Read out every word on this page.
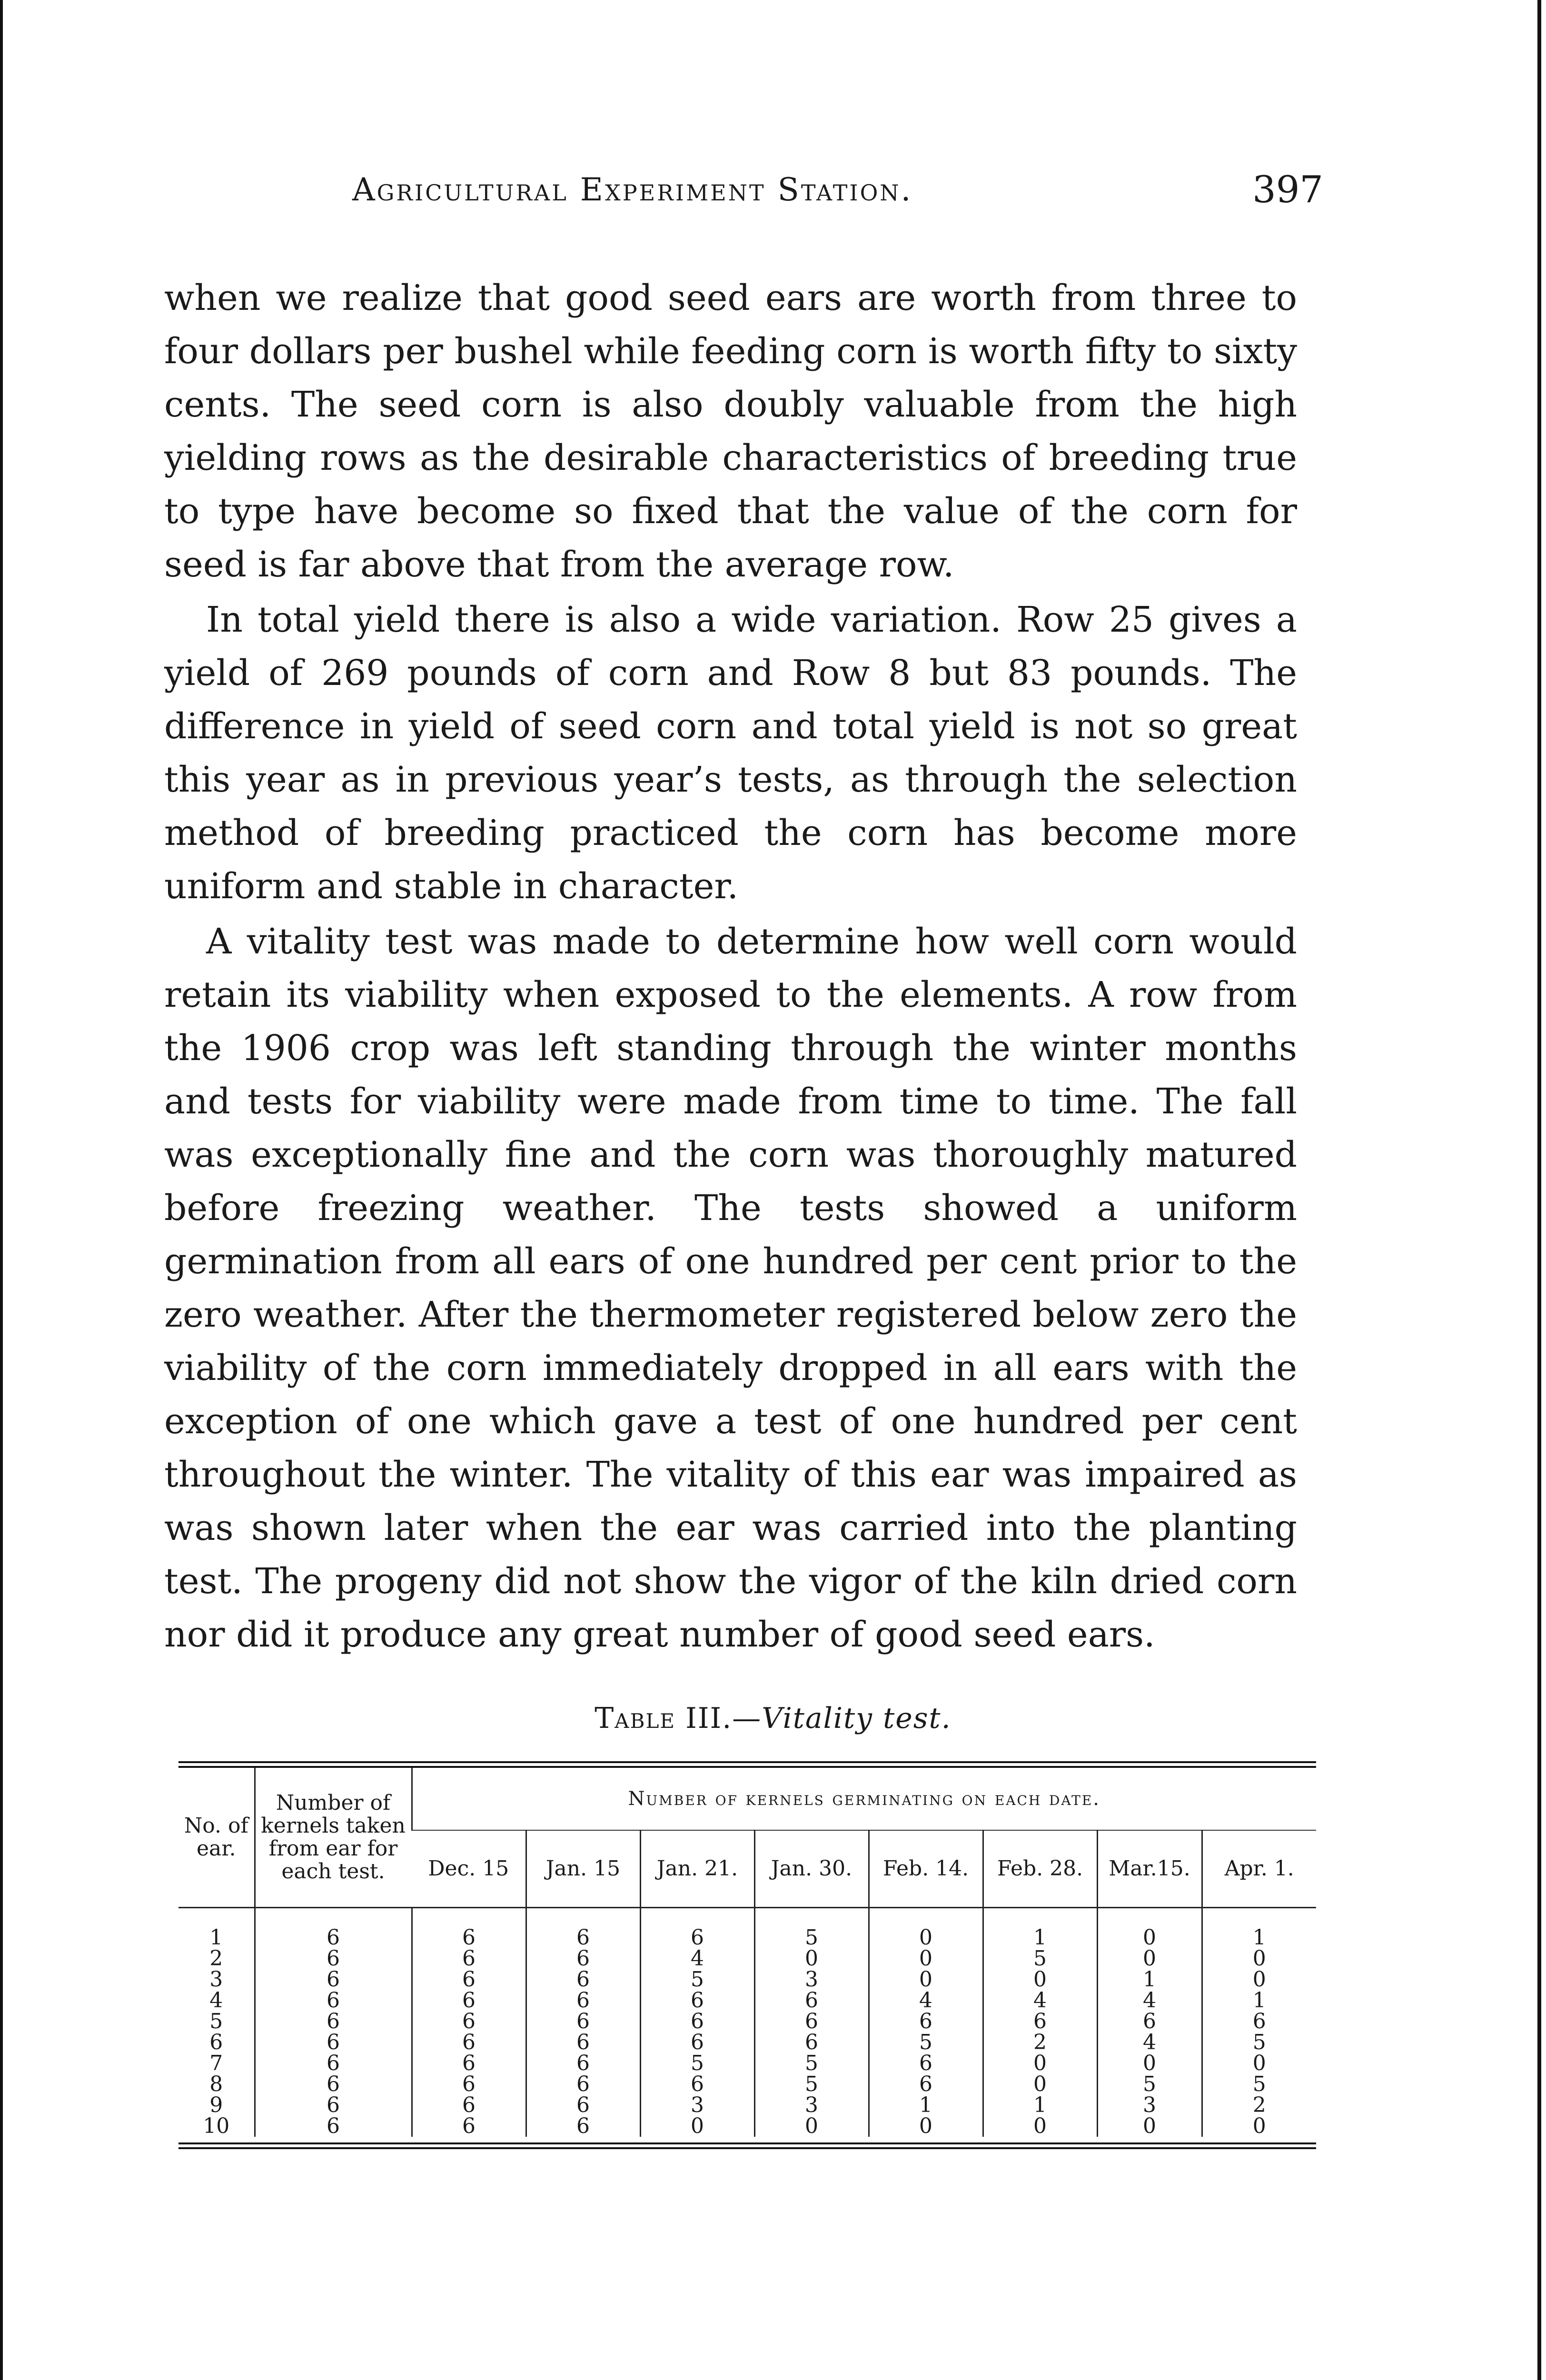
Agricultural Experiment Station.	397

when we realize that good seed ears are worth from three to four dollars per bushel while feeding corn is worth fifty to sixty cents. The seed corn is also doubly valuable from the high yielding rows as the desirable characteristics of breeding true to type have become so fixed that the value of the corn for seed is far above that from the average row.

In total yield there is also a wide variation. Row 25 gives a yield of 269 pounds of corn and Row 8 but 83 pounds. The difference in yield of seed corn and total yield is not so great this year as in previous year’s tests, as through the selection method of breeding practiced the corn has become more uniform and stable in character.

A vitality test was made to determine how well corn would retain its viability when exposed to the elements. A row from the 1906 crop was left standing through the winter months and tests for viability were made from time to time. The fall was exceptionally fine and the corn was thoroughly matured before freezing weather. The tests showed a uniform germination from all ears of one hundred per cent prior to the zero weather. After the thermometer registered below zero the viability of the corn immediately dropped in all ears with the exception of one which gave a test of one hundred per cent throughout the winter. The vitality of this ear was impaired as was shown later when the ear was carried into the planting test. The progeny did not show the vigor of the kiln dried corn nor did it produce any great number of good seed ears.

Table III.—Vitality test.
No. of ear.	Number of kernels taken from ear for each test.	Number of kernels germinating on each date.							
		Dec. 15	Jan. 15	Jan. 21.	Jan. 30.	Feb. 14.	Feb. 28.	Mar.15.	Apr. 1.

1	6	6	6	6	5	0	1	0	1
2	6	6	6	4	0	0	5	0	0
3	6	6	6	5	3	0	0	1	0
4	6	6	6	6	6	4	4	4	1
5	6	6	6	6	6	6	6	6	6
6	6	6	6	6	6	5	2	4	5
7	6	6	6	5	5	6	0	0	0
8	6	6	6	6	5	6	0	5	5
9	6	6	6	3	3	1	1	3	2
10	6	6	6	0	0	0	0	0	0
